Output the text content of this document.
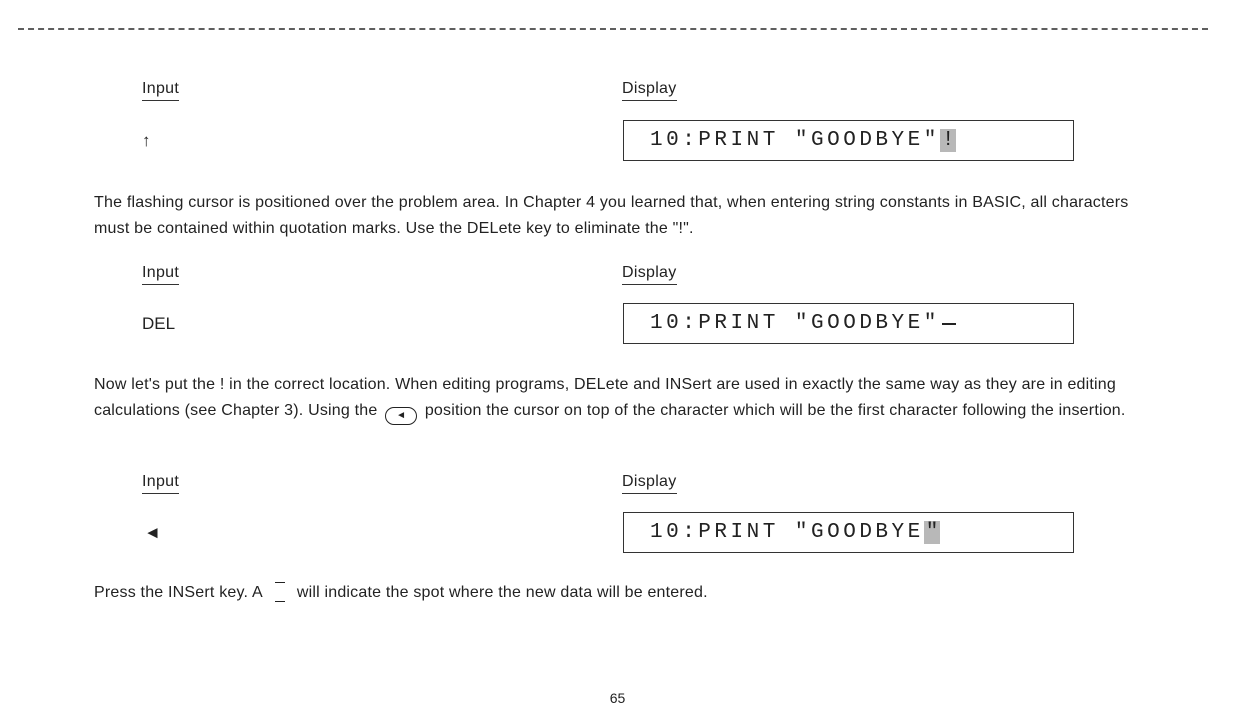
Input	Display
↑	10:PRINT "GOODBYE" !
The flashing cursor is positioned over the problem area. In Chapter 4 you learned that, when entering string constants in BASIC, all characters must be contained within quotation marks. Use the DELete key to eliminate the "!".
Input	Display
DEL	10:PRINT "GOODBYE"
Now let's put the ! in the correct location. When editing programs, DELete and INSert are used in exactly the same way as they are in editing calculations (see Chapter 3). Using the ◄ position the cursor on top of the character which will be the first character following the insertion.
Input	Display
◄	10:PRINT "GOODBYE "
Press the INSert key. A will indicate the spot where the new data will be entered.
65
